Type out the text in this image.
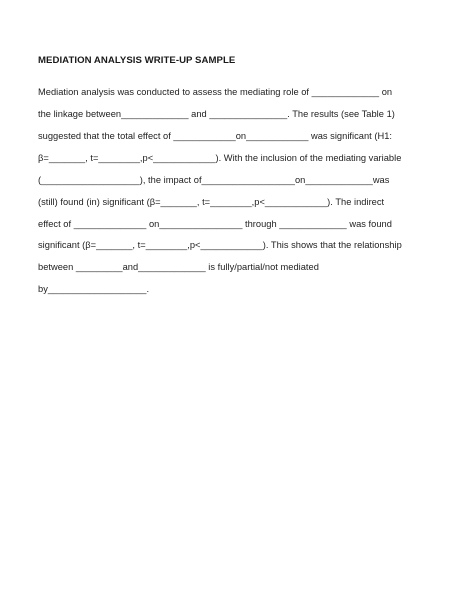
MEDIATION ANALYSIS WRITE-UP SAMPLE
Mediation analysis was conducted to assess the mediating role of _____________ on
the linkage between_____________ and _______________. The results (see Table 1)
suggested that the total effect of ____________on____________ was significant (H1:
β=_______, t=________,p<____________). With the inclusion of the mediating variable
(___________________), the impact of__________________on_____________was
(still) found (in) significant (β=_______, t=________,p<____________). The indirect
effect of ______________ on________________ through _____________ was found
significant (β=_______, t=________,p<____________). This shows that the relationship
between _________and_____________ is fully/partial/not mediated
by___________________.
